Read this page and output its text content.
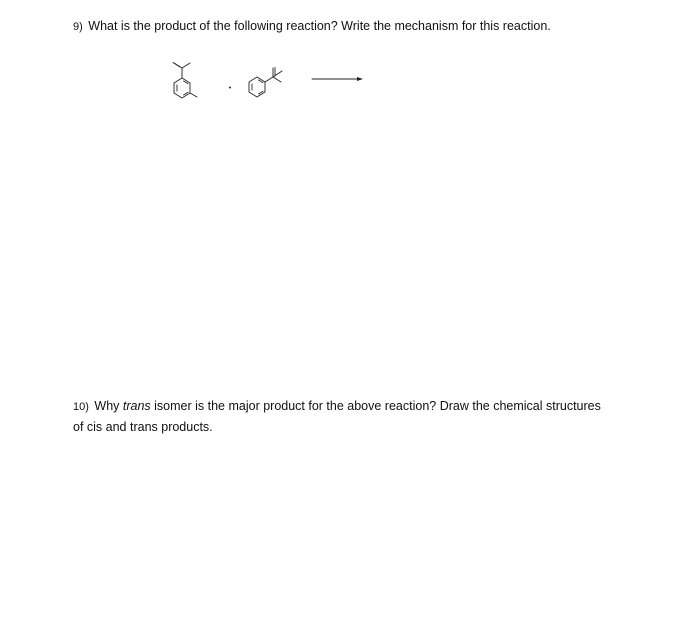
9) What is the product of the following reaction? Write the mechanism for this reaction.

10) Why trans isomer is the major product for the above reaction? Draw the chemical structures of cis and trans products.
